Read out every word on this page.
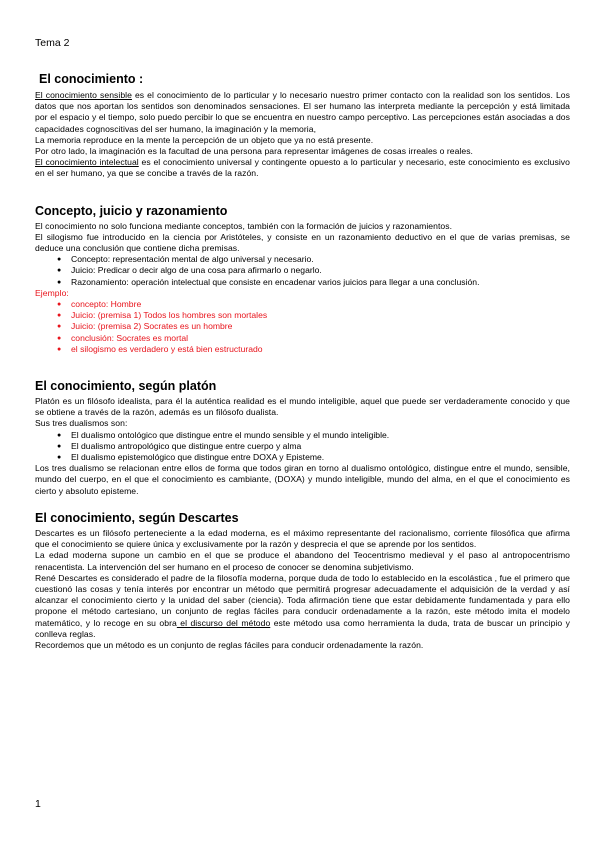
Tema 2
El conocimiento :

El conocimiento sensible es el conocimiento de lo particular y lo necesario nuestro primer contacto con la realidad son los sentidos. Los datos que nos aportan los sentidos son denominados sensaciones. El ser humano las interpreta mediante la percepción y está limitada por el espacio y el tiempo, solo puedo percibir lo que se encuentra en nuestro campo perceptivo. Las percepciones están asociadas a dos capacidades cognoscitivas del ser humano, la imaginación y la memoria,

La memoria reproduce en la mente la percepción de un objeto que ya no está presente.

Por otro lado, la imaginación es la facultad de una persona para representar imágenes de cosas irreales o reales.

El conocimiento intelectual es el conocimiento universal y contingente opuesto a lo particular y necesario, este conocimiento es exclusivo en el ser humano, ya que se concibe a través de la razón.

Concepto, juicio y razonamiento

El conocimiento no solo funciona mediante conceptos, también con la formación de juicios y razonamientos.

El silogismo fue introducido en la ciencia por Aristóteles, y consiste en un razonamiento deductivo en el que de varias premisas, se deduce una conclusión que contiene dicha premisas.

● Concepto: representación mental de algo universal y necesario.
● Juicio: Predicar o decir algo de una cosa para afirmarlo o negarlo.
● Razonamiento: operación intelectual que consiste en encadenar varios juicios para llegar a una conclusión.

Ejemplo:

● concepto: Hombre
● Juicio: (premisa 1) Todos los hombres son mortales
● Juicio: (premisa 2) Socrates es un hombre
● conclusión: Socrates es mortal
● el silogismo es verdadero y está bien estructurado
El conocimiento, según platón

Platón es un filósofo idealista, para él la auténtica realidad es el mundo inteligible, aquel que puede ser verdaderamente conocido y que se obtiene a través de la razón, además es un filósofo dualista.

Sus tres dualismos son:

● El dualismo ontológico que distingue entre el mundo sensible y el mundo inteligible.
● El dualismo antropológico que distingue entre cuerpo y alma
● El dualismo epistemológico que distingue entre DOXA y Episteme.

Los tres dualismo se relacionan entre ellos de forma que todos giran en torno al dualismo ontológico, distingue entre el mundo, sensible, mundo del cuerpo, en el que el conocimiento es cambiante, (DOXA) y mundo inteligible, mundo del alma, en el que el conocimiento es cierto y absoluto episteme.

El conocimiento, según Descartes

Descartes es un filósofo perteneciente a la edad moderna, es el máximo representante del racionalismo, corriente filosófica que afirma que el conocimiento se quiere única y exclusivamente por la razón y desprecia el que se aprende por los sentidos.

La edad moderna supone un cambio en el que se produce el abandono del Teocentrismo medieval y el paso al antropocentrismo renacentista. La intervención del ser humano en el proceso de conocer se denomina subjetivismo.

René Descartes es considerado el padre de la filosofía moderna, porque duda de todo lo establecido en la escolástica , fue el primero que cuestionó las cosas y tenía interés por encontrar un método que permitirá progresar adecuadamente el adquisición de la verdad y así alcanzar el conocimiento cierto y la unidad del saber (ciencia). Toda afirmación tiene que estar debidamente fundamentada y para ello propone el método cartesiano, un conjunto de reglas fáciles para conducir ordenadamente a la razón, este método imita el modelo matemático, y lo recoge en su obra el discurso del método este método usa como herramienta la duda, trata de buscar un principio y conlleva reglas.

Recordemos que un método es un conjunto de reglas fáciles para conducir ordenadamente la razón.

1
